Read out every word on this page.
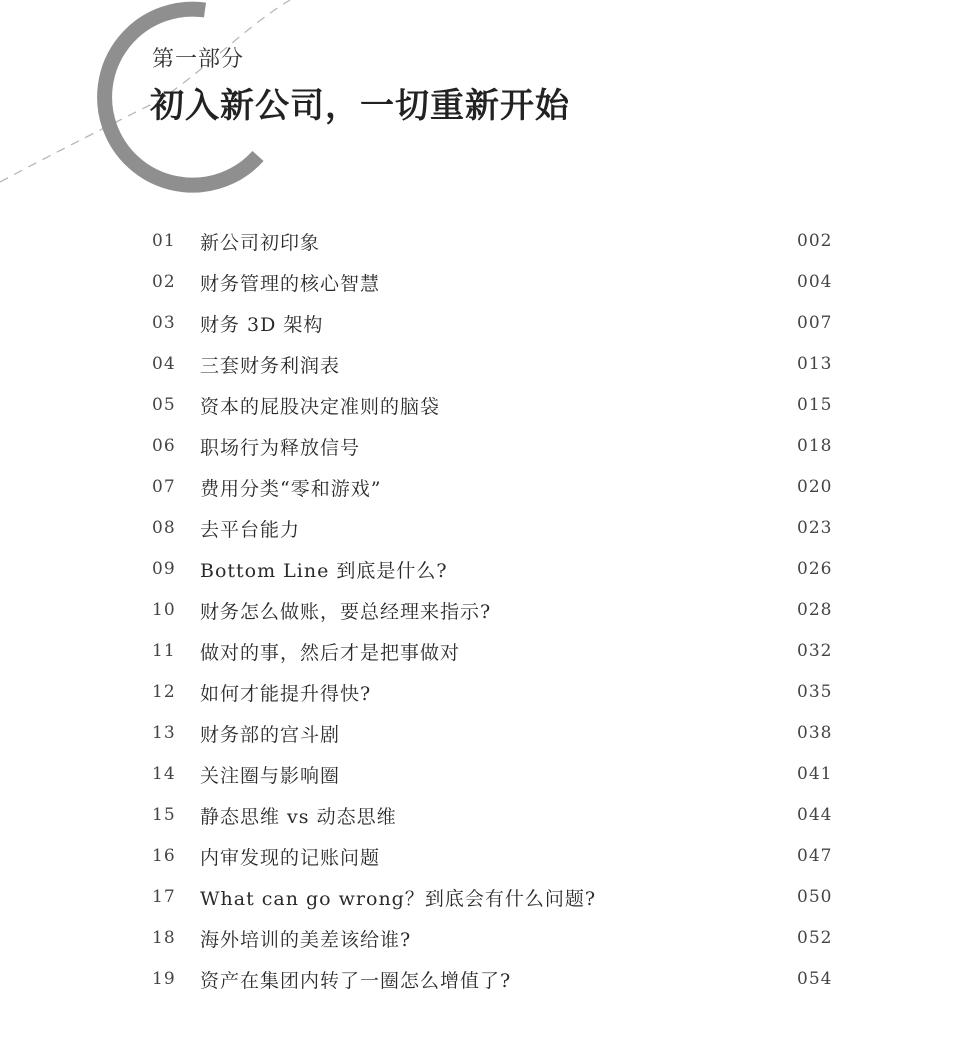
第一部分
初入新公司，一切重新开始
01 新公司初印象	002
02 财务管理的核心智慧	004
03 财务 3D 架构	007
04 三套财务利润表	013
05 资本的屁股决定准则的脑袋	015
06 职场行为释放信号	018
07 费用分类“零和游戏”	020
08 去平台能力	023
09 Bottom Line 到底是什么?	026
10 财务怎么做账，要总经理来指示?	028
11 做对的事，然后才是把事做对	032
12 如何才能提升得快?	035
13 财务部的宫斗剧	038
14 关注圈与影响圈	041
15 静态思维 vs 动态思维	044
16 内审发现的记账问题	047
17 What can go wrong？到底会有什么问题?	050
18 海外培训的美差该给谁?	052
19 资产在集团内转了一圈怎么增值了?	054
